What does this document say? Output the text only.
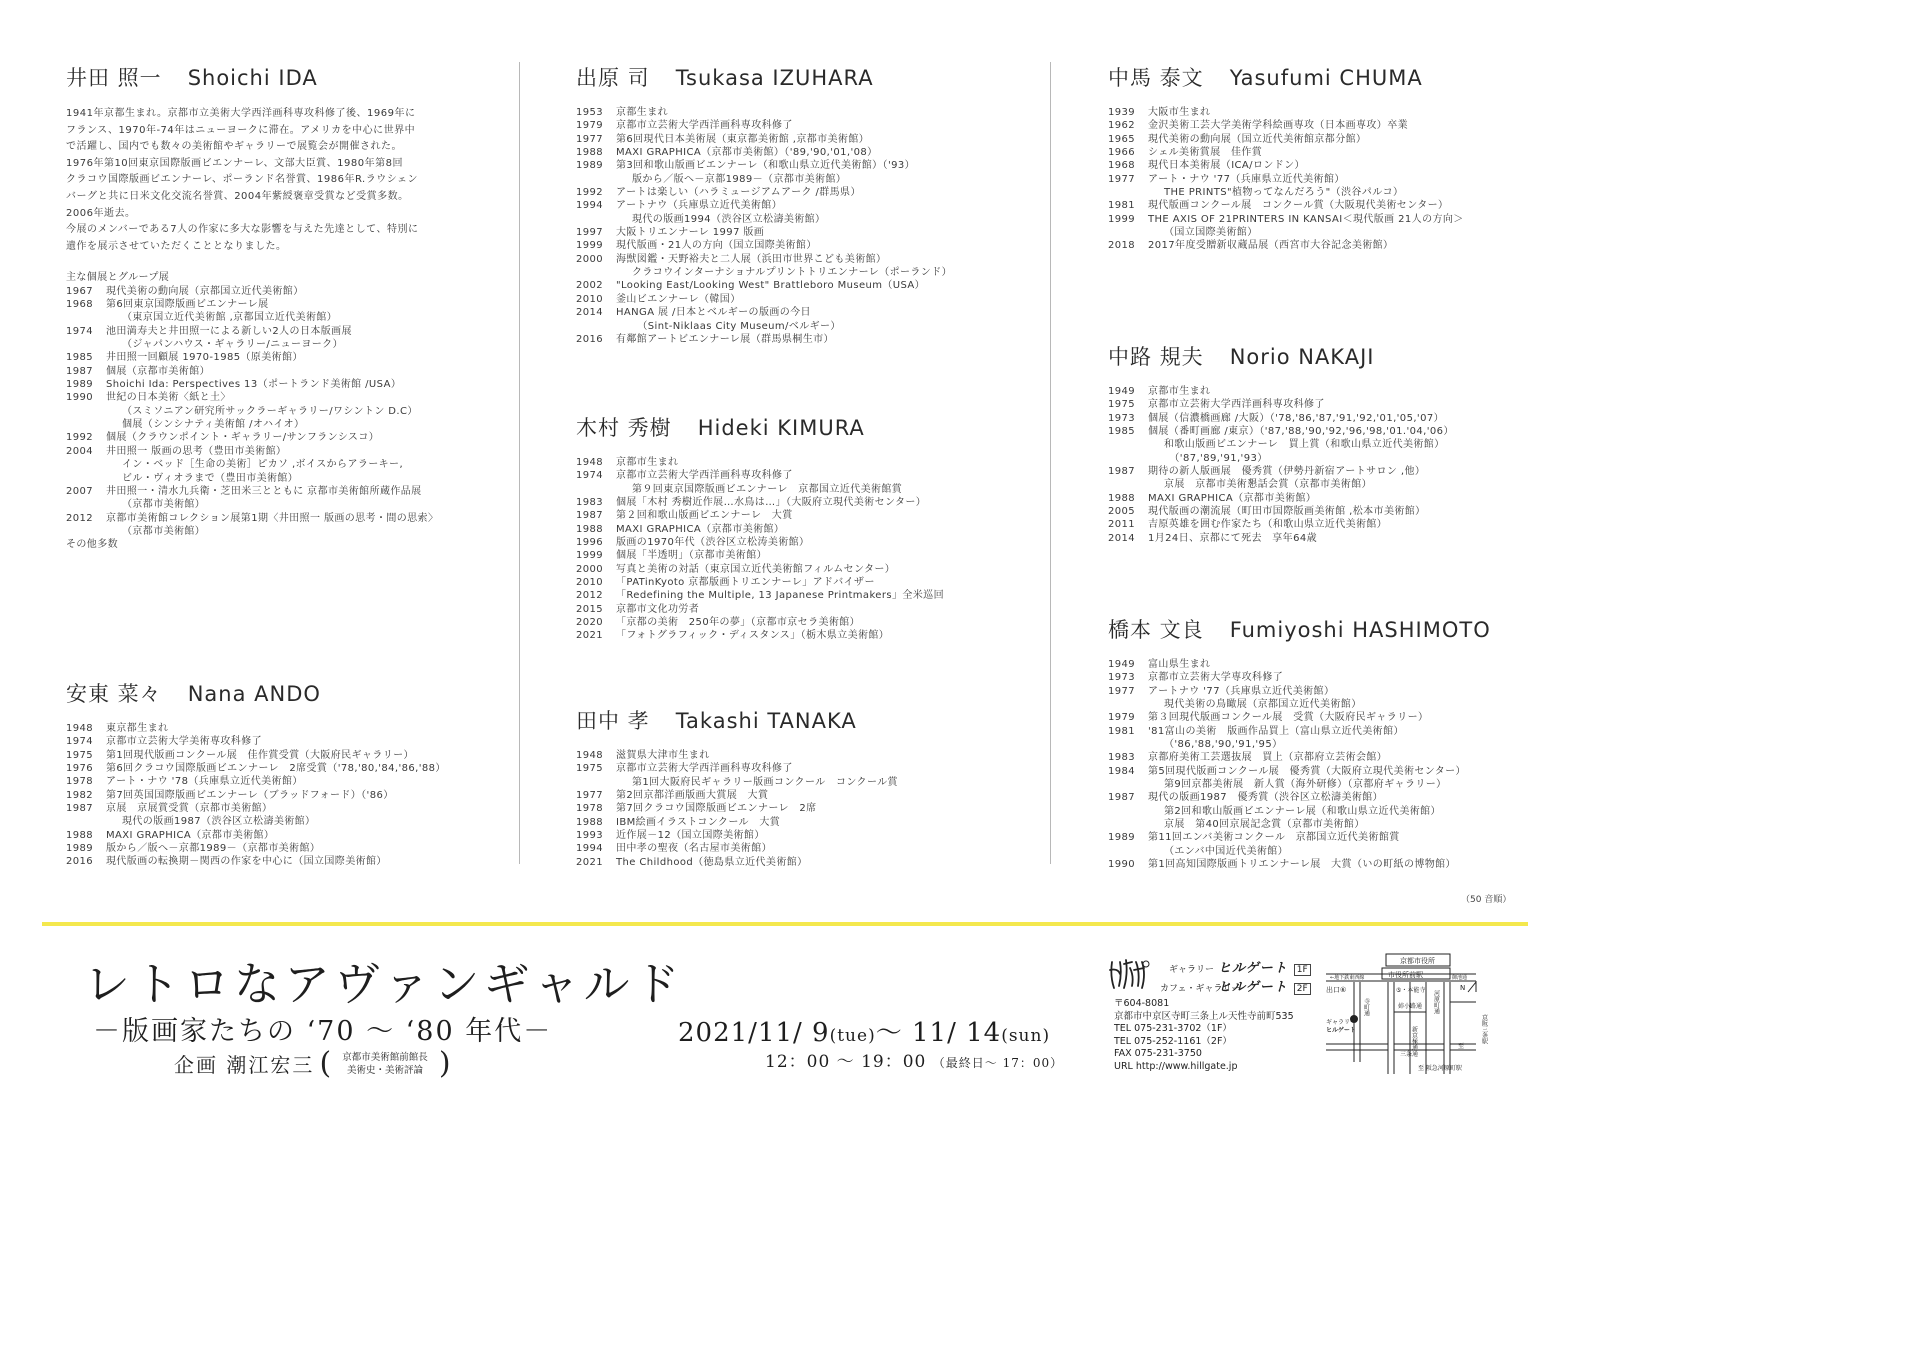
井田 照一 Shoichi IDA
1941年京都生まれ。京都市立美術大学西洋画科専攻科修了後、1969年に
フランス、1970年-74年はニューヨークに滞在。アメリカを中心に世界中
で活躍し、国内でも数々の美術館やギャラリーで展覧会が開催された。
1976年第10回東京国際版画ビエンナーレ、文部大臣賞、1980年第8回
クラコウ国際版画ビエンナーレ、ポーランド名誉賞、1986年R.ラウシェン
バーグと共に日米文化交流名誉賞、2004年紫綬褒章受賞など受賞多数。
2006年逝去。
今展のメンバーである7人の作家に多大な影響を与えた先達として、特別に
遺作を展示させていただくこととなりました。
主な個展とグループ展
1967	現代美術の動向展（京都国立近代美術館）
1968	第6回東京国際版画ビエンナーレ展
（東京国立近代美術館 ,京都国立近代美術館）
1974	池田満寿夫と井田照一による新しい2人の日本版画展
（ジャパンハウス・ギャラリー/ニューヨーク）
1985	井田照一回顧展 1970-1985（原美術館）
1987	個展（京都市美術館）
1989	Shoichi Ida: Perspectives 13（ポートランド美術館 /USA）
1990	世紀の日本美術〈紙と土〉
（スミソニアン研究所サックラーギャラリー/ワシントン D.C）
個展（シンシナティ美術館 /オハイオ）
1992	個展（クラウンポイント・ギャラリー/サンフランシスコ）
2004	井田照一 版画の思考（豊田市美術館）
イン・ベッド［生命の美術］ピカソ ,ボイスからアラーキー,
ビル・ヴィオラまで（豊田市美術館）
2007	井田照一・清水九兵衛・芝田米三とともに 京都市美術館所蔵作品展
（京都市美術館）
2012	京都市美術館コレクション展第1期〈井田照一 版画の思考・間の思索〉
（京都市美術館）
その他多数
安東 菜々 Nana ANDO
1948	東京都生まれ
1974	京都市立芸術大学美術専攻科修了
1975	第1回現代版画コンクール展　佳作賞受賞（大阪府民ギャラリー）
1976	第6回クラコウ国際版画ビエンナーレ　2席受賞（'78,'80,'84,'86,'88）
1978	アート・ナウ '78（兵庫県立近代美術館）
1982	第7回英国国際版画ビエンナーレ（ブラッドフォード）（'86）
1987	京展　京展賞受賞（京都市美術館）
現代の版画1987（渋谷区立松濤美術館）
1988	MAXI GRAPHICA（京都市美術館）
1989	版から／版へ－京都1989－（京都市美術館）
2016	現代版画の転換期－関西の作家を中心に（国立国際美術館）
出原 司 Tsukasa IZUHARA
1953	京都生まれ
1979	京都市立芸術大学西洋画科専攻科修了
1977	第6回現代日本美術展（東京都美術館 ,京都市美術館）
1988	MAXI GRAPHICA（京都市美術館）（'89,'90,'01,'08）
1989	第3回和歌山版画ビエンナーレ（和歌山県立近代美術館）（'93）
版から／版へ－京都1989－（京都市美術館）
1992	アートは楽しい（ハラミュージアムアーク /群馬県）
1994	アートナウ（兵庫県立近代美術館）
現代の版画1994（渋谷区立松濤美術館）
1997	大阪トリエンナーレ 1997 版画
1999	現代版画・21人の方向（国立国際美術館）
2000	海獣図鑑・天野裕夫と二人展（浜田市世界こども美術館）
クラコウインターナショナルプリントトリエンナーレ（ポーランド）
2002	"Looking East/Looking West" Brattleboro Museum（USA）
2010	釜山ビエンナーレ（韓国）
2014	HANGA 展 /日本とベルギーの版画の今日
　（Sint-Niklaas City Museum/ベルギー）
2016	有鄰館アートビエンナーレ展（群馬県桐生市）
木村 秀樹 Hideki KIMURA
1948	京都市生まれ
1974	京都市立芸術大学西洋画科専攻科修了
第９回東京国際版画ビエンナーレ　京都国立近代美術館賞
1983	個展「木村 秀樹近作展…水鳥は…」（大阪府立現代美術センター）
1987	第２回和歌山版画ビエンナーレ　大賞
1988	MAXI GRAPHICA（京都市美術館）
1996	版画の1970年代（渋谷区立松涛美術館）
1999	個展「半透明」（京都市美術館）
2000	写真と美術の対話（東京国立近代美術館フィルムセンター）
2010	「PATinKyoto 京都版画トリエンナーレ」アドバイザー
2012	「Redefining the Multiple, 13 Japanese Printmakers」全米巡回
2015	京都市文化功労者
2020	「京都の美術　250年の夢」（京都市京セラ美術館）
2021	「フォトグラフィック・ディスタンス」（栃木県立美術館）
田中 孝 Takashi TANAKA
1948	滋賀県大津市生まれ
1975	京都市立芸術大学西洋画科専攻科修了
第1回大阪府民ギャラリー版画コンクール　コンクール賞
1977	第2回京都洋画版画大賞展　大賞
1978	第7回クラコウ国際版画ビエンナーレ　2席
1988	IBM絵画イラストコンクール　大賞
1993	近作展－12（国立国際美術館）
1994	田中孝の聖夜（名古屋市美術館）
2021	The Childhood（徳島県立近代美術館）
中馬 泰文 Yasufumi CHUMA
1939	大阪市生まれ
1962	金沢美術工芸大学美術学科絵画専攻（日本画専攻）卒業
1965	現代美術の動向展（国立近代美術館京都分館）
1966	シェル美術賞展　佳作賞
1968	現代日本美術展（ICA/ロンドン）
1977	アート・ナウ '77（兵庫県立近代美術館）
THE PRINTS"植物ってなんだろう"（渋谷パルコ）
1981	現代版画コンクール展　コンクール賞（大阪現代美術センター）
1999	THE AXIS OF 21PRINTERS IN KANSAI＜現代版画 21人の方向＞
（国立国際美術館）
2018	2017年度受贈新収蔵品展（西宮市大谷記念美術館）
中路 規夫 Norio NAKAJI
1949	京都市生まれ
1975	京都市立芸術大学西洋画科専攻科修了
1973	個展（信濃橋画廊 /大阪）（'78,'86,'87,'91,'92,'01,'05,'07）
1985	個展（番町画廊 /東京）（'87,'88,'90,'92,'96,'98,'01.'04,'06）
和歌山版画ビエンナーレ　買上賞（和歌山県立近代美術館）
　（'87,'89,'91,'93）
1987	期待の新人版画展　優秀賞（伊勢丹新宿アートサロン ,他）
京展　京都市美術懇話会賞（京都市美術館）
1988	MAXI GRAPHICA（京都市美術館）
2005	現代版画の潮流展（町田市国際版画美術館 ,松本市美術館）
2011	吉原英雄を囲む作家たち（和歌山県立近代美術館）
2014	1月24日、京都にて死去　享年64歳
橋本 文良 Fumiyoshi HASHIMOTO
1949	富山県生まれ
1973	京都市立芸術大学専攻科修了
1977	アートナウ '77（兵庫県立近代美術館）
現代美術の鳥瞰展（京都国立近代美術館）
1979	第３回現代版画コンクール展　受賞（大阪府民ギャラリー）
1981	'81富山の美術　版画作品買上（富山県立近代美術館）
（'86,'88,'90,'91,'95）
1983	京都府美術工芸選抜展　買上（京都府立芸術会館）
1984	第5回現代版画コンクール展　優秀賞（大阪府立現代美術センター）
第9回京都美術展　新人賞（海外研修）（京都府ギャラリー）
1987	現代の版画1987　優秀賞（渋谷区立松濤美術館）
第2回和歌山版画ビエンナーレ展（和歌山県立近代美術館）
京展　第40回京展記念賞（京都市美術館）
1989	第11回エンバ美術コンクール　京都国立近代美術館賞
（エンバ中国近代美術館）
1990	第1回高知国際版画トリエンナーレ展　大賞（いの町紙の博物館）
（50 音順）
レトロなアヴァンギャルド
－版画家たちの ‘70 ～ ‘80 年代－
企画 潮江宏三 ( 京都市美術館前館長
美術史・美術評論 )
2021/11/ 9(tue)～ 11/ 14(sun)
12：00 ～ 19：00 （最終日～ 17：00）
ギャラリー ヒルゲート 1F
カフェ・ギャラリーヒルゲート 2F
〒604-8081
京都市中京区寺町三条上ル天性寺前町535
TEL 075-231-3702（1F）
TEL 075-252-1161（2F）
FAX 075-231-3750
URL http://www.hillgate.jp
京都市役所
市役所前駅
←地下鉄東西線	御池通
出口⑥	⑤・本能寺
姉小路通
寺町通	河原町通
新京極通
三条通
京阪三条駅
至 阪急河原町駅
至
N
ギャラリー
ヒルゲート
